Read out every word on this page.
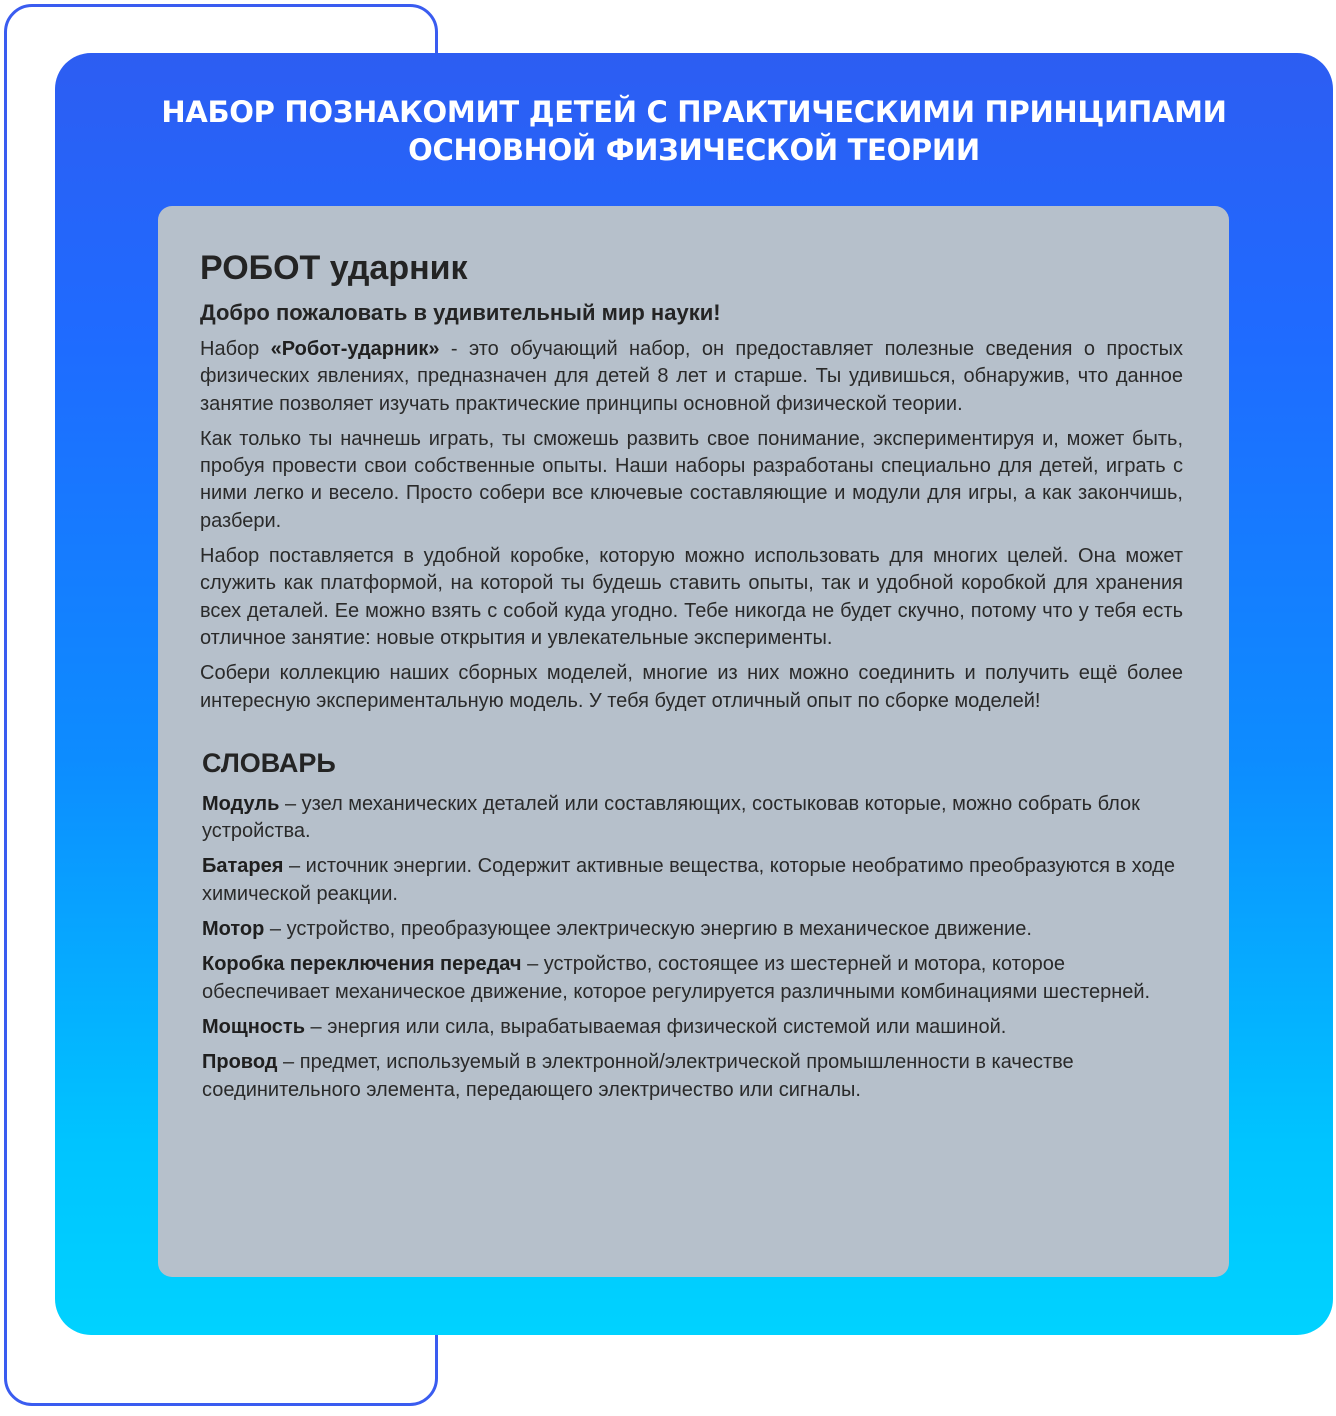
НАБОР ПОЗНАКОМИТ ДЕТЕЙ С ПРАКТИЧЕСКИМИ ПРИНЦИПАМИ
ОСНОВНОЙ ФИЗИЧЕСКОЙ ТЕОРИИ
РОБОТ ударник

Добро пожаловать в удивительный мир науки!

Набор «Робот-ударник» - это обучающий набор, он предоставляет полезные сведения о простых физических явлениях, предназначен для детей 8 лет и старше. Ты удивишься, обнаружив, что данное занятие позволяет изучать практические принципы основной физической теории.

Как только ты начнешь играть, ты сможешь развить свое понимание, экспериментируя и, может быть, пробуя провести свои собственные опыты. Наши наборы разработаны специально для детей, играть с ними легко и весело. Просто собери все ключевые составляющие и модули для игры, а как закончишь, разбери.

Набор поставляется в удобной коробке, которую можно использовать для многих целей. Она может служить как платформой, на которой ты будешь ставить опыты, так и удобной коробкой для хранения всех деталей. Ее можно взять с собой куда угодно. Тебе никогда не будет скучно, потому что у тебя есть отличное занятие: новые открытия и увлекательные эксперименты.

Собери коллекцию наших сборных моделей, многие из них можно соединить и получить ещё более интересную экспериментальную модель. У тебя будет отличный опыт по сборке моделей!

СЛОВАРЬ

Модуль – узел механических деталей или составляющих, состыковав которые, можно собрать блок устройства.

Батарея – источник энергии. Содержит активные вещества, которые необратимо преобразуются в ходе химической реакции.

Мотор – устройство, преобразующее электрическую энергию в механическое движение.

Коробка переключения передач – устройство, состоящее из шестерней и мотора, которое обеспечивает механическое движение, которое регулируется различными комбинациями шестерней.

Мощность – энергия или сила, вырабатываемая физической системой или машиной.

Провод – предмет, используемый в электронной/электрической промышленности в качестве соединительного элемента, передающего электричество или сигналы.
